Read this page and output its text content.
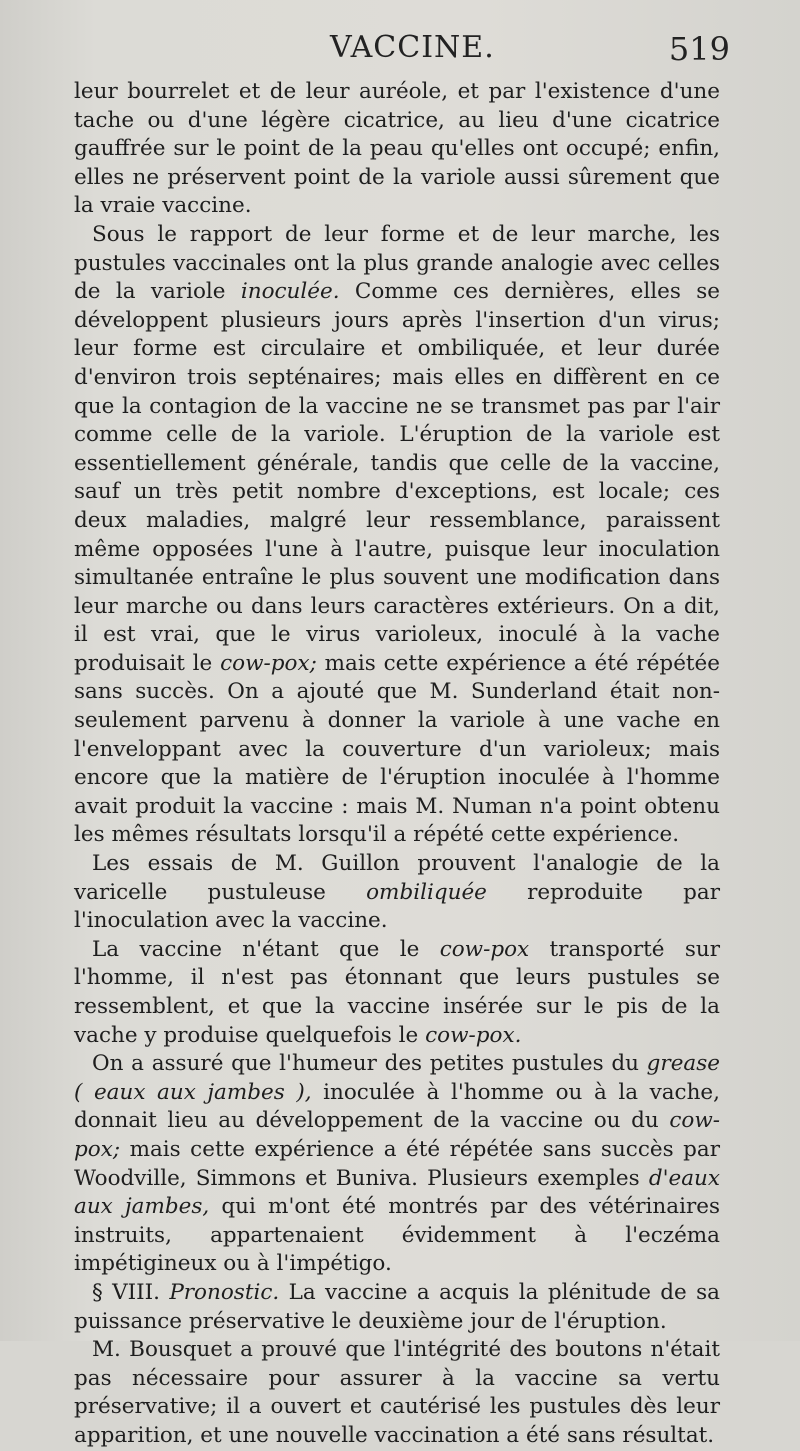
VACCINE.	519

leur bourrelet et de leur auréole, et par l'existence d'une tache ou d'une légère cicatrice, au lieu d'une cicatrice gauffrée sur le point de la peau qu'elles ont occupé; enfin, elles ne préservent point de la variole aussi sûrement que la vraie vaccine.

Sous le rapport de leur forme et de leur marche, les pustules vaccinales ont la plus grande analogie avec celles de la variole inoculée. Comme ces dernières, elles se développent plusieurs jours après l'insertion d'un virus; leur forme est circulaire et ombiliquée, et leur durée d'environ trois septénaires; mais elles en diffèrent en ce que la contagion de la vaccine ne se transmet pas par l'air comme celle de la variole. L'éruption de la variole est essentiellement générale, tandis que celle de la vaccine, sauf un très petit nombre d'exceptions, est locale; ces deux maladies, malgré leur ressemblance, paraissent même opposées l'une à l'autre, puisque leur inoculation simultanée entraîne le plus souvent une modification dans leur marche ou dans leurs caractères extérieurs. On a dit, il est vrai, que le virus varioleux, inoculé à la vache produisait le cow-pox; mais cette expérience a été répétée sans succès. On a ajouté que M. Sunderland était non-seulement parvenu à donner la variole à une vache en l'enveloppant avec la couverture d'un varioleux; mais encore que la matière de l'éruption inoculée à l'homme avait produit la vaccine : mais M. Numan n'a point obtenu les mêmes résultats lorsqu'il a répété cette expérience.

Les essais de M. Guillon prouvent l'analogie de la varicelle pustuleuse ombiliquée reproduite par l'inoculation avec la vaccine.

La vaccine n'étant que le cow-pox transporté sur l'homme, il n'est pas étonnant que leurs pustules se ressemblent, et que la vaccine insérée sur le pis de la vache y produise quelquefois le cow-pox.

On a assuré que l'humeur des petites pustules du grease ( eaux aux jambes ), inoculée à l'homme ou à la vache, donnait lieu au développement de la vaccine ou du cow-pox; mais cette expérience a été répétée sans succès par Woodville, Simmons et Buniva. Plusieurs exemples d'eaux aux jambes, qui m'ont été montrés par des vétérinaires instruits, appartenaient évidemment à l'eczéma impétigineux ou à l'impétigo.

§ VIII. Pronostic. La vaccine a acquis la plénitude de sa puissance préservative le deuxième jour de l'éruption.

M. Bousquet a prouvé que l'intégrité des boutons n'était pas nécessaire pour assurer à la vaccine sa vertu préservative; il a ouvert et cautérisé les pustules dès leur apparition, et une nouvelle vaccination a été sans résultat.
